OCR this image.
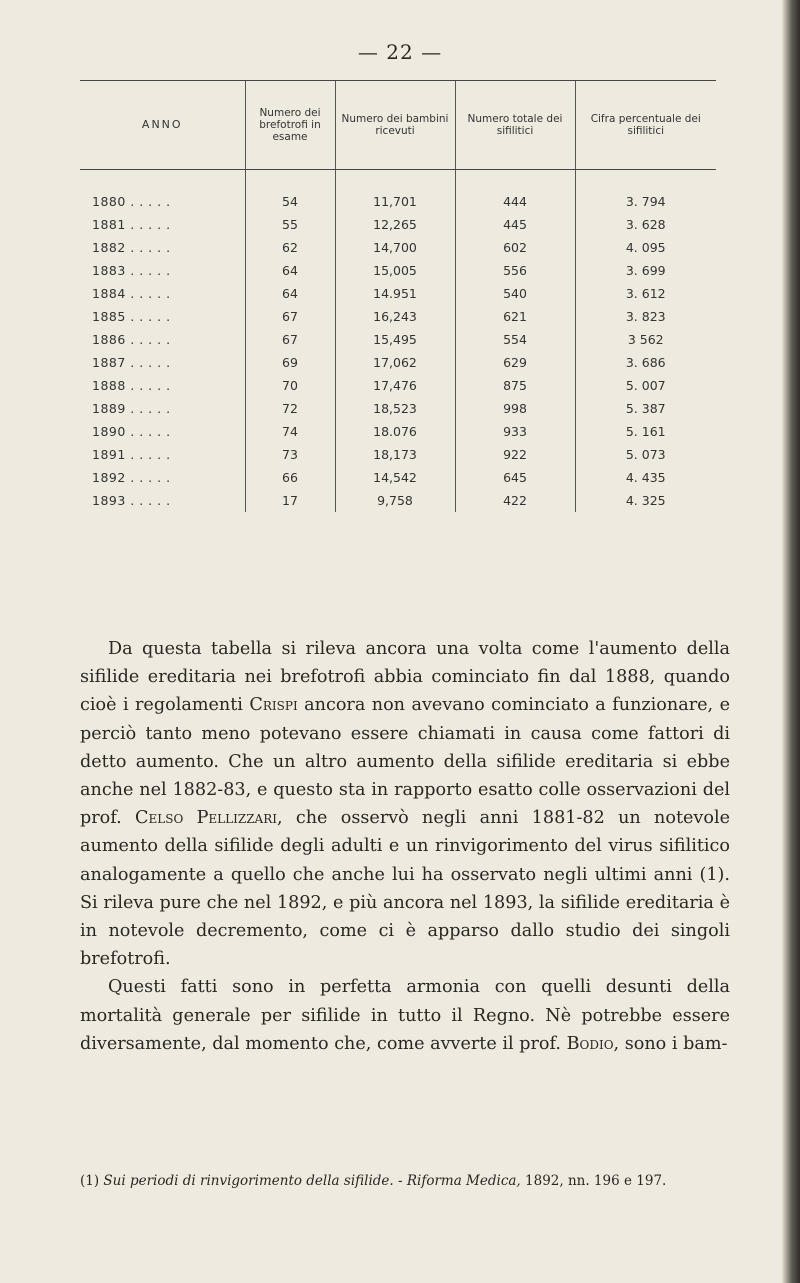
— 22 —
ANNO	Numero dei brefotrofi in esame	Numero dei bambini ricevuti	Numero totale dei sifilitici	Cifra percentuale dei sifilitici

1880 . . . . .	54	11,701	444	3. 794
1881 . . . . .	55	12,265	445	3. 628
1882 . . . . .	62	14,700	602	4. 095
1883 . . . . .	64	15,005	556	3. 699
1884 . . . . .	64	14.951	540	3. 612
1885 . . . . .	67	16,243	621	3. 823
1886 . . . . .	67	15,495	554	3 562
1887 . . . . .	69	17,062	629	3. 686
1888 . . . . .	70	17,476	875	5. 007
1889 . . . . .	72	18,523	998	5. 387
1890 . . . . .	74	18.076	933	5. 161
1891 . . . . .	73	18,173	922	5. 073
1892 . . . . .	66	14,542	645	4. 435
1893 . . . . .	17	9,758	422	4. 325

Da questa tabella si rileva ancora una volta come l'aumento della sifilide ereditaria nei brefotrofi abbia cominciato fin dal 1888, quando cioè i regolamenti Crispi ancora non avevano cominciato a funzionare, e perciò tanto meno potevano essere chiamati in causa come fattori di detto aumento. Che un altro aumento della sifilide ereditaria si ebbe anche nel 1882-83, e questo sta in rapporto esatto colle osservazioni del prof. Celso Pellizzari, che osservò negli anni 1881-82 un notevole aumento della sifilide degli adulti e un rinvigorimento del virus sifilitico analogamente a quello che anche lui ha osservato negli ultimi anni (1). Si rileva pure che nel 1892, e più ancora nel 1893, la sifilide ereditaria è in notevole decremento, come ci è apparso dallo studio dei singoli brefotrofi.

Questi fatti sono in perfetta armonia con quelli desunti della mortalità generale per sifilide in tutto il Regno. Nè potrebbe essere diversamente, dal momento che, come avverte il prof. Bodio, sono i bam-

(1) Sui periodi di rinvigorimento della sifilide. - Riforma Medica, 1892, nn. 196 e 197.
